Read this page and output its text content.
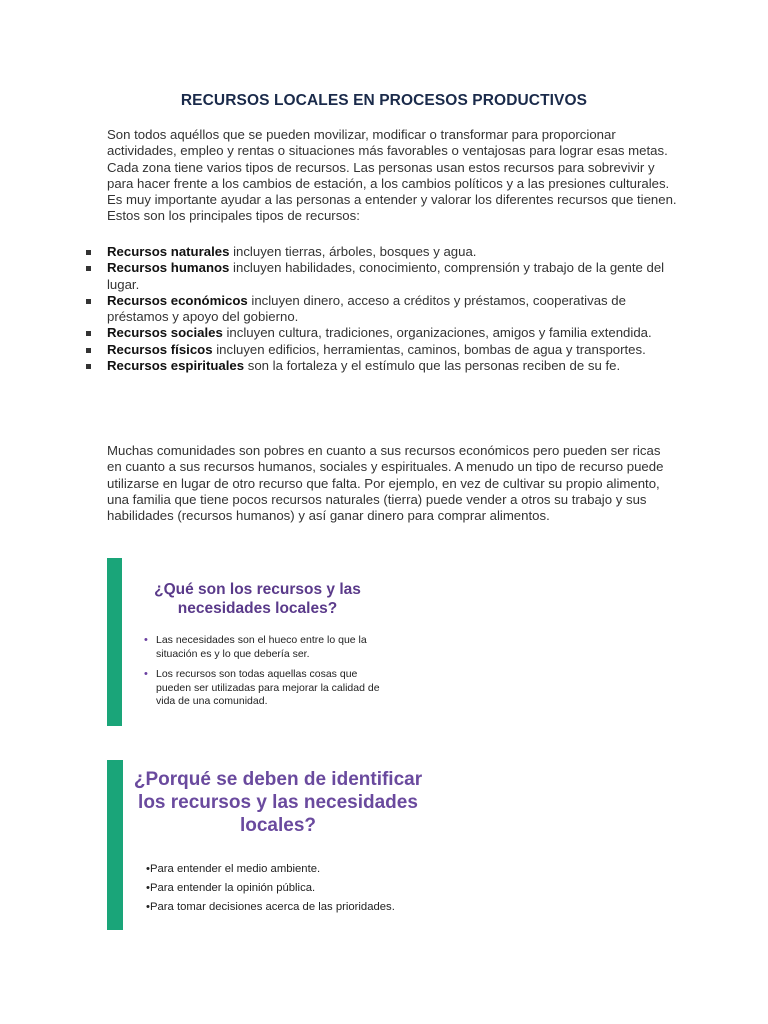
RECURSOS LOCALES EN PROCESOS PRODUCTIVOS
Son todos aquéllos que se pueden movilizar, modificar o transformar para proporcionar actividades, empleo y rentas o situaciones más favorables o ventajosas para lograr esas metas. Cada zona tiene varios tipos de recursos. Las personas usan estos recursos para sobrevivir y para hacer frente a los cambios de estación, a los cambios políticos y a las presiones culturales. Es muy importante ayudar a las personas a entender y valorar los diferentes recursos que tienen. Estos son los principales tipos de recursos:
Recursos naturales incluyen tierras, árboles, bosques y agua.
Recursos humanos incluyen habilidades, conocimiento, comprensión y trabajo de la gente del lugar.
Recursos económicos incluyen dinero, acceso a créditos y préstamos, cooperativas de préstamos y apoyo del gobierno.
Recursos sociales incluyen cultura, tradiciones, organizaciones, amigos y familia extendida.
Recursos físicos incluyen edificios, herramientas, caminos, bombas de agua y transportes.
Recursos espirituales son la fortaleza y el estímulo que las personas reciben de su fe.
Muchas comunidades son pobres en cuanto a sus recursos económicos pero pueden ser ricas en cuanto a sus recursos humanos, sociales y espirituales. A menudo un tipo de recurso puede utilizarse en lugar de otro recurso que falta. Por ejemplo, en vez de cultivar su propio alimento, una familia que tiene pocos recursos naturales (tierra) puede vender a otros su trabajo y sus habilidades (recursos humanos) y así ganar dinero para comprar alimentos.
¿Qué son los recursos y las necesidades locales?
• Las necesidades son el hueco entre lo que la situación es y lo que debería ser.
• Los recursos son todas aquellas cosas que pueden ser utilizadas para mejorar la calidad de vida de una comunidad.
¿Porqué se deben de identificar los recursos y las necesidades locales?
•Para entender el medio ambiente.
•Para entender la opinión pública.
•Para tomar decisiones acerca de las prioridades.
